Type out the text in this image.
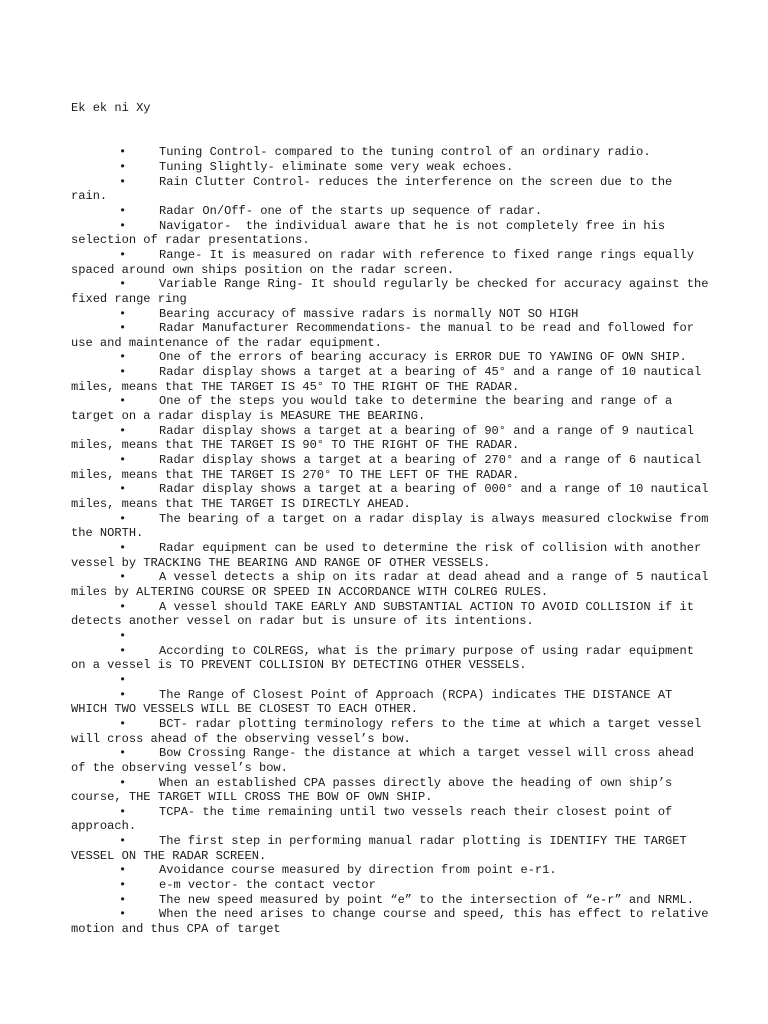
Ek ek ni Xy

•	Tuning Control- compared to the tuning control of an ordinary radio.
•	Tuning Slightly- eliminate some very weak echoes.
•	Rain Clutter Control- reduces the interference on the screen due to the rain.
•	Radar On/Off- one of the starts up sequence of radar.
•	Navigator-  the individual aware that he is not completely free in his selection of radar presentations.
•	Range- It is measured on radar with reference to fixed range rings equally spaced around own ships position on the radar screen.
•	Variable Range Ring- It should regularly be checked for accuracy against the fixed range ring
•	Bearing accuracy of massive radars is normally NOT SO HIGH
•	Radar Manufacturer Recommendations- the manual to be read and followed for use and maintenance of the radar equipment.
•	One of the errors of bearing accuracy is ERROR DUE TO YAWING OF OWN SHIP.
•	Radar display shows a target at a bearing of 45° and a range of 10 nautical miles, means that THE TARGET IS 45° TO THE RIGHT OF THE RADAR.
•	One of the steps you would take to determine the bearing and range of a target on a radar display is MEASURE THE BEARING.
•	Radar display shows a target at a bearing of 90° and a range of 9 nautical miles, means that THE TARGET IS 90° TO THE RIGHT OF THE RADAR.
•	Radar display shows a target at a bearing of 270° and a range of 6 nautical miles, means that THE TARGET IS 270° TO THE LEFT OF THE RADAR.
•	Radar display shows a target at a bearing of 000° and a range of 10 nautical miles, means that THE TARGET IS DIRECTLY AHEAD.
•	The bearing of a target on a radar display is always measured clockwise from the NORTH.
•	Radar equipment can be used to determine the risk of collision with another vessel by TRACKING THE BEARING AND RANGE OF OTHER VESSELS.
•	A vessel detects a ship on its radar at dead ahead and a range of 5 nautical miles by ALTERING COURSE OR SPEED IN ACCORDANCE WITH COLREG RULES.
•	A vessel should TAKE EARLY AND SUBSTANTIAL ACTION TO AVOID COLLISION if it detects another vessel on radar but is unsure of its intentions.
•
•	According to COLREGS, what is the primary purpose of using radar equipment on a vessel is TO PREVENT COLLISION BY DETECTING OTHER VESSELS.
•
•	The Range of Closest Point of Approach (RCPA) indicates THE DISTANCE AT WHICH TWO VESSELS WILL BE CLOSEST TO EACH OTHER.
•	BCT- radar plotting terminology refers to the time at which a target vessel will cross ahead of the observing vessel’s bow.
•	Bow Crossing Range- the distance at which a target vessel will cross ahead of the observing vessel’s bow.
•	When an established CPA passes directly above the heading of own ship’s course, THE TARGET WILL CROSS THE BOW OF OWN SHIP.
•	TCPA- the time remaining until two vessels reach their closest point of approach.
•	The first step in performing manual radar plotting is IDENTIFY THE TARGET VESSEL ON THE RADAR SCREEN.
•	Avoidance course measured by direction from point e-r1.
•	e-m vector- the contact vector
•	The new speed measured by point “e” to the intersection of “e-r” and NRML.
•	When the need arises to change course and speed, this has effect to relative motion and thus CPA of target
